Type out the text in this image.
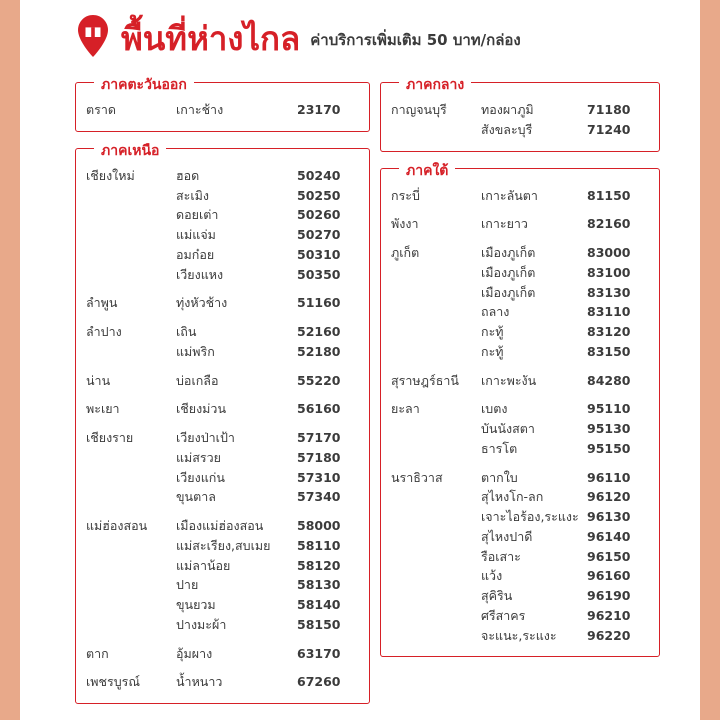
พื้นที่ห่างไกล ค่าบริการเพิ่มเติม 50 บาท/กล่อง
ภาคตะวันออก
ตราด	เกาะช้าง	23170
ภาคเหนือ
เชียงใหม่	ฮอด	50240
	สะเมิง	50250
	ดอยเต่า	50260
	แม่แจ่ม	50270
	อมก๋อย	50310
	เวียงแหง	50350

ลำพูน	ทุ่งหัวช้าง	51160

ลำปาง	เถิน	52160
	แม่พริก	52180

น่าน	บ่อเกลือ	55220

พะเยา	เชียงม่วน	56160

เชียงราย	เวียงป่าเป้า	57170
	แม่สรวย	57180
	เวียงแก่น	57310
	ขุนตาล	57340

แม่ฮ่องสอน	เมืองแม่ฮ่องสอน	58000
	แม่สะเรียง,สบเมย	58110
	แม่ลาน้อย	58120
	ปาย	58130
	ขุนยวม	58140
	ปางมะผ้า	58150

ตาก	อุ้มผาง	63170

เพชรบูรณ์	น้ำหนาว	67260
ภาคกลาง
กาญจนบุรี	ทองผาภูมิ	71180
	สังขละบุรี	71240
ภาคใต้
กระบี่	เกาะลันตา	81150

พังงา	เกาะยาว	82160

ภูเก็ต	เมืองภูเก็ต	83000
	เมืองภูเก็ต	83100
	เมืองภูเก็ต	83130
	ถลาง	83110
	กะทู้	83120
	กะทู้	83150

สุราษฎร์ธานี	เกาะพะงัน	84280

ยะลา	เบตง	95110
	บันนังสตา	95130
	ธารโต	95150

นราธิวาส	ตากใบ	96110
	สุไหงโก-ลก	96120
	เจาะไอร้อง,ระแงะ	96130
	สุไหงปาดี	96140
	รือเสาะ	96150
	แว้ง	96160
	สุคิริน	96190
	ศรีสาคร	96210
	จะแนะ,ระแงะ	96220
